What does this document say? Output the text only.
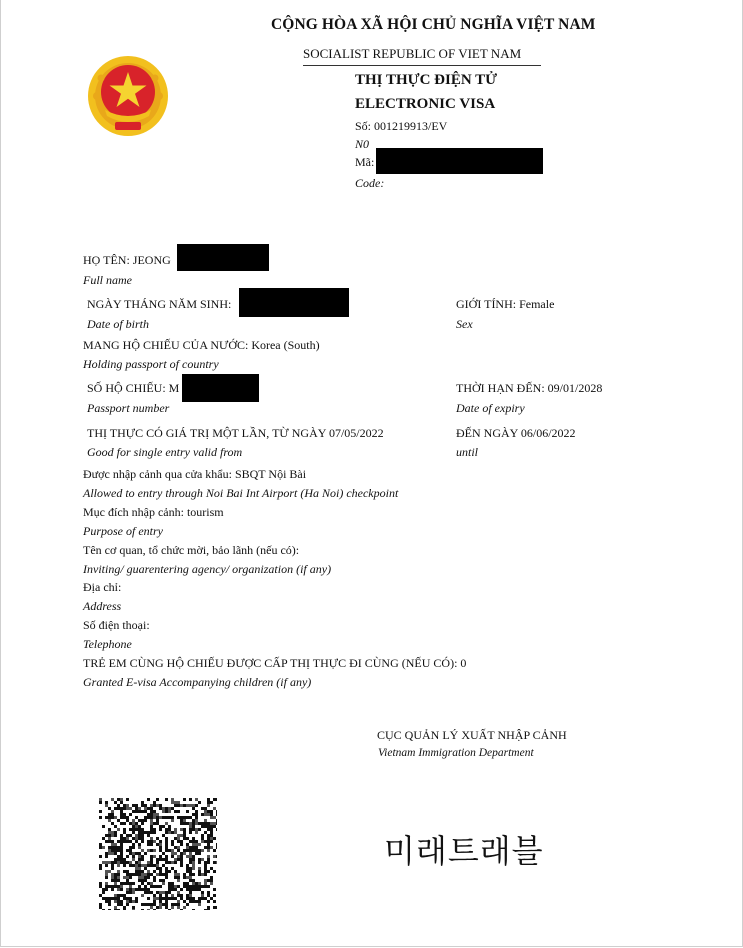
CỘNG HÒA XÃ HỘI CHỦ NGHĨA VIỆT NAM
SOCIALIST REPUBLIC OF VIET NAM
THỊ THỰC ĐIỆN TỬ
ELECTRONIC VISA
Số: 001219913/EV
N0
Mã:
Code:
HỌ TÊN: JEONG
Full name
NGÀY THÁNG NĂM SINH:
Date of birth
GIỚI TÍNH: Female
Sex
MANG HỘ CHIẾU CỦA NƯỚC: Korea (South)
Holding passport of country
SỐ HỘ CHIẾU: M
Passport number
THỜI HẠN ĐẾN: 09/01/2028
Date of expiry
THỊ THỰC CÓ GIÁ TRỊ MỘT LẦN, TỪ NGÀY 07/05/2022
Good for single entry valid from
ĐẾN NGÀY 06/06/2022
until
Được nhập cảnh qua cửa khẩu: SBQT Nội Bài
Allowed to entry through Noi Bai Int Airport (Ha Noi) checkpoint
Mục đích nhập cảnh: tourism
Purpose of entry
Tên cơ quan, tổ chức mời, bảo lãnh (nếu có):
Inviting/ guarentering agency/ organization (if any)
Địa chỉ:
Address
Số điện thoại:
Telephone
TRẺ EM CÙNG HỘ CHIẾU ĐƯỢC CẤP THỊ THỰC ĐI CÙNG (NẾU CÓ): 0
Granted E-visa Accompanying children (if any)
CỤC QUẢN LÝ XUẤT NHẬP CẢNH
Vietnam Immigration Department
미래트래블
